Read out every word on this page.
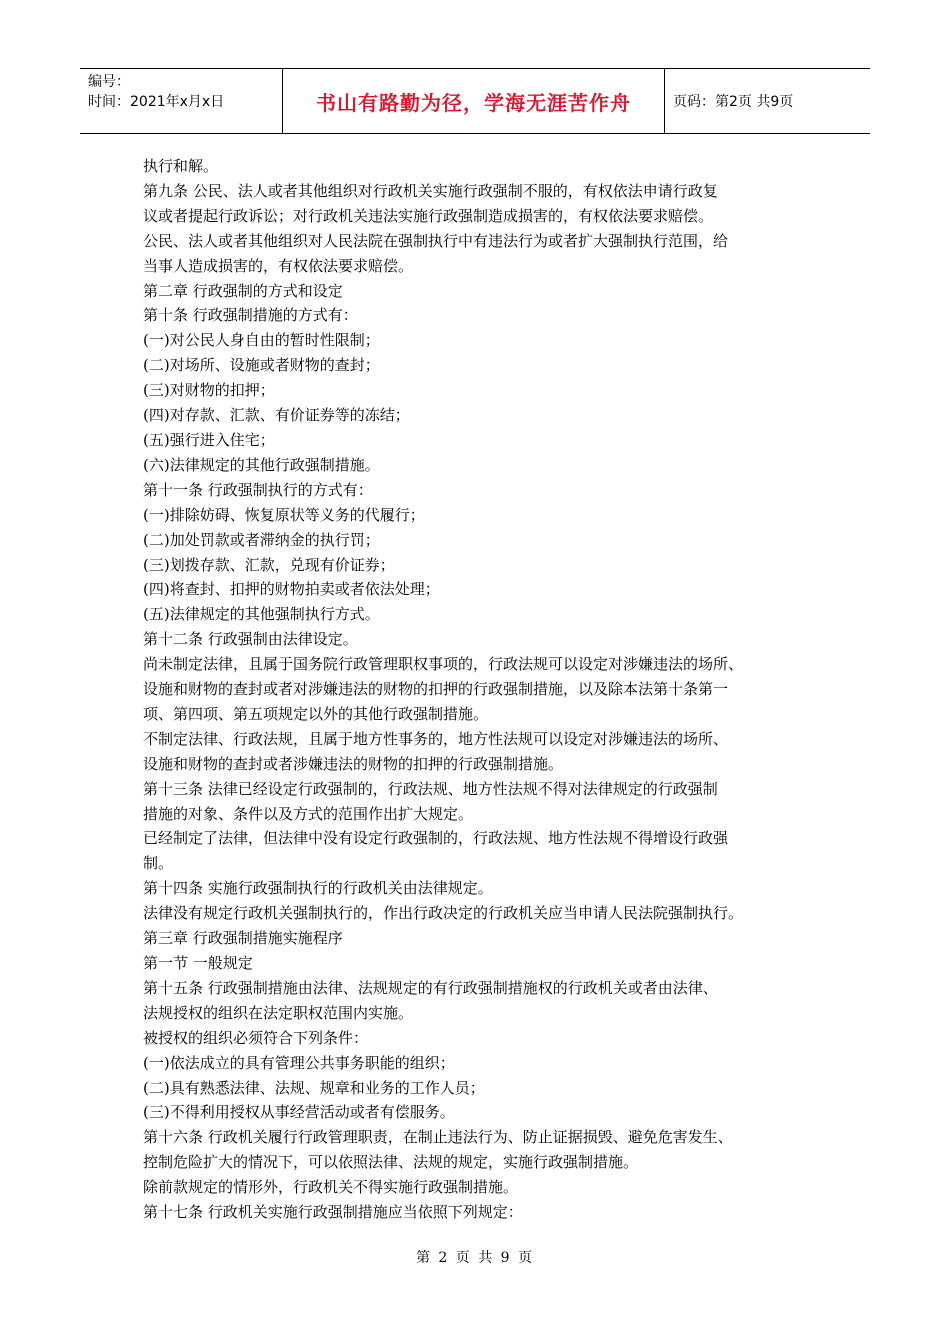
编号：
时间：2021年x月x日	书山有路勤为径，学海无涯苦作舟	页码：第2页 共9页

执行和解。

第九条 公民、法人或者其他组织对行政机关实施行政强制不服的，有权依法申请行政复

议或者提起行政诉讼；对行政机关违法实施行政强制造成损害的，有权依法要求赔偿。

公民、法人或者其他组织对人民法院在强制执行中有违法行为或者扩大强制执行范围，给

当事人造成损害的，有权依法要求赔偿。

第二章 行政强制的方式和设定

第十条 行政强制措施的方式有：

(一)对公民人身自由的暂时性限制；

(二)对场所、设施或者财物的查封；

(三)对财物的扣押；

(四)对存款、汇款、有价证券等的冻结；

(五)强行进入住宅；

(六)法律规定的其他行政强制措施。

第十一条 行政强制执行的方式有：

(一)排除妨碍、恢复原状等义务的代履行；

(二)加处罚款或者滞纳金的执行罚；

(三)划拨存款、汇款，兑现有价证券；

(四)将查封、扣押的财物拍卖或者依法处理；

(五)法律规定的其他强制执行方式。

第十二条 行政强制由法律设定。

尚未制定法律，且属于国务院行政管理职权事项的，行政法规可以设定对涉嫌违法的场所、

设施和财物的查封或者对涉嫌违法的财物的扣押的行政强制措施，以及除本法第十条第一

项、第四项、第五项规定以外的其他行政强制措施。

不制定法律、行政法规，且属于地方性事务的，地方性法规可以设定对涉嫌违法的场所、

设施和财物的查封或者涉嫌违法的财物的扣押的行政强制措施。

第十三条 法律已经设定行政强制的，行政法规、地方性法规不得对法律规定的行政强制

措施的对象、条件以及方式的范围作出扩大规定。

已经制定了法律，但法律中没有设定行政强制的，行政法规、地方性法规不得增设行政强

制。

第十四条 实施行政强制执行的行政机关由法律规定。

法律没有规定行政机关强制执行的，作出行政决定的行政机关应当申请人民法院强制执行。

第三章 行政强制措施实施程序

第一节 一般规定

第十五条 行政强制措施由法律、法规规定的有行政强制措施权的行政机关或者由法律、

法规授权的组织在法定职权范围内实施。

被授权的组织必须符合下列条件：

(一)依法成立的具有管理公共事务职能的组织；

(二)具有熟悉法律、法规、规章和业务的工作人员；

(三)不得利用授权从事经营活动或者有偿服务。

第十六条 行政机关履行行政管理职责，在制止违法行为、防止证据损毁、避免危害发生、

控制危险扩大的情况下，可以依照法律、法规的规定，实施行政强制措施。

除前款规定的情形外，行政机关不得实施行政强制措施。

第十七条 行政机关实施行政强制措施应当依照下列规定：

第 2 页 共 9 页
